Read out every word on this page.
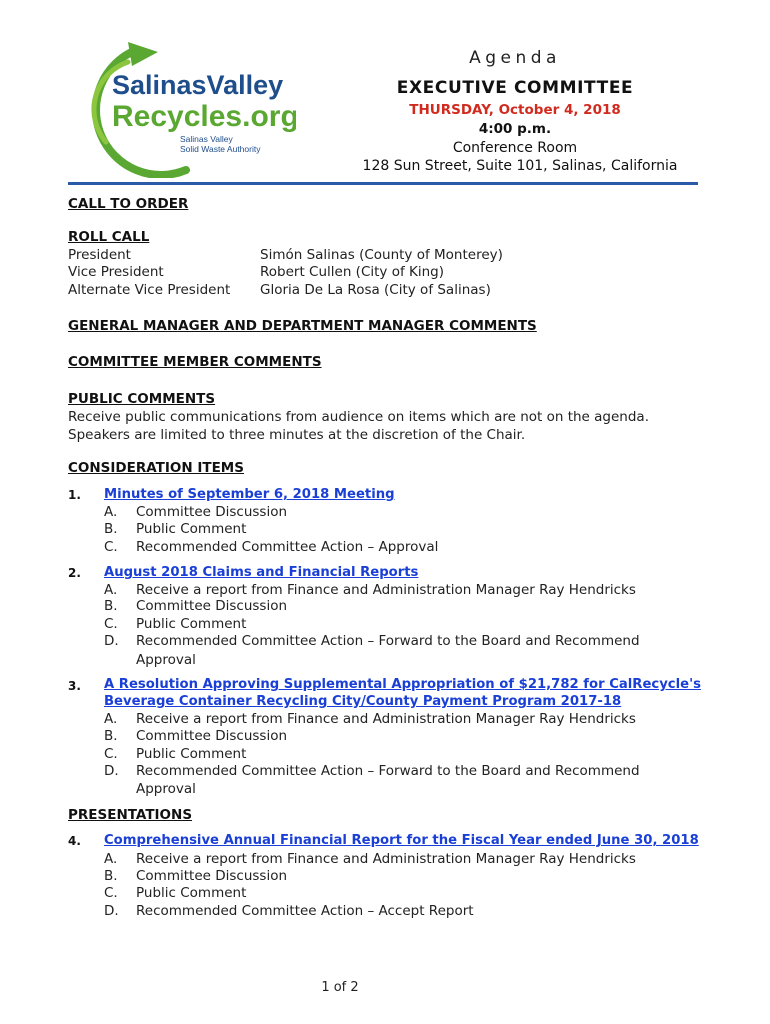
SalinasValley
Recycles.org
Salinas Valley
Solid Waste Authority
Agenda
EXECUTIVE COMMITTEE
THURSDAY, October 4, 2018
4:00 p.m.
Conference Room
128 Sun Street, Suite 101, Salinas, California
CALL TO ORDER
ROLL CALL
President	Simón Salinas (County of Monterey)
Vice President	Robert Cullen (City of King)
Alternate Vice President Gloria De La Rosa (City of Salinas)
GENERAL MANAGER AND DEPARTMENT MANAGER COMMENTS
COMMITTEE MEMBER COMMENTS
PUBLIC COMMENTS
Receive public communications from audience on items which are not on the agenda.
Speakers are limited to three minutes at the discretion of the Chair.
CONSIDERATION ITEMS
1. Minutes of September 6, 2018 Meeting
A. Committee Discussion
B. Public Comment
C. Recommended Committee Action – Approval
2. August 2018 Claims and Financial Reports
A. Receive a report from Finance and Administration Manager Ray Hendricks
B. Committee Discussion
C. Public Comment
D. Recommended Committee Action – Forward to the Board and Recommend
Approval
3. A Resolution Approving Supplemental Appropriation of $21,782 for CalRecycle's
Beverage Container Recycling City/County Payment Program 2017-18
A. Receive a report from Finance and Administration Manager Ray Hendricks
B. Committee Discussion
C. Public Comment
D. Recommended Committee Action – Forward to the Board and Recommend
Approval
PRESENTATIONS
4. Comprehensive Annual Financial Report for the Fiscal Year ended June 30, 2018
A. Receive a report from Finance and Administration Manager Ray Hendricks
B. Committee Discussion
C. Public Comment
D. Recommended Committee Action – Accept Report
1 of 2
